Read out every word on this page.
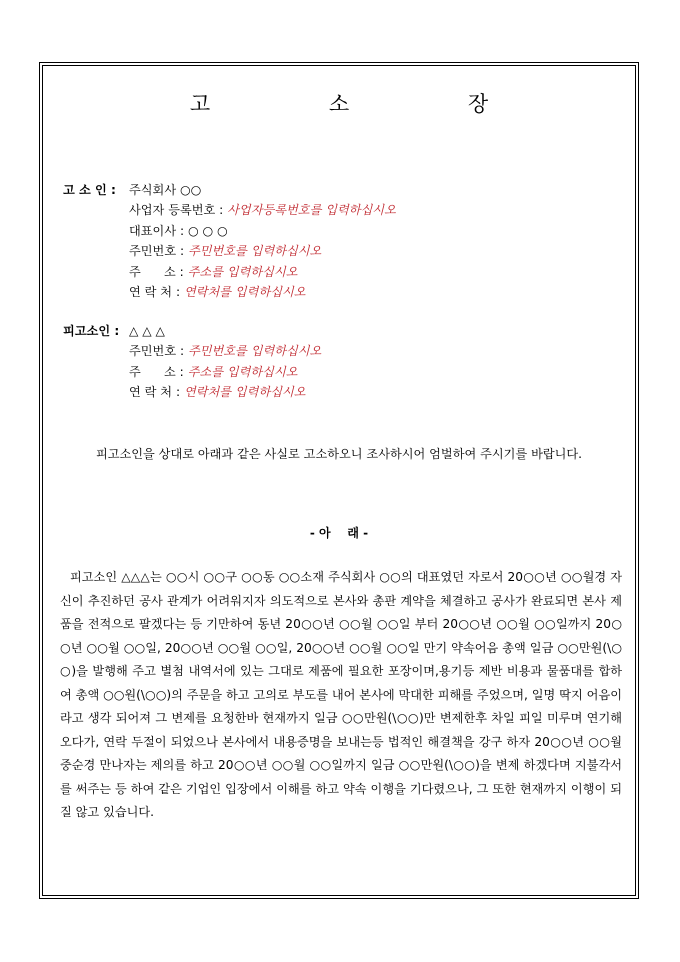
고 소 장
고 소 인 : 주식회사 ○○
사업자 등록번호 : 사업자등록번호를 입력하십시오
대표이사 : ○ ○ ○
주민번호 : 주민번호를 입력하십시오
주      소 : 주소를 입력하십시오
연 락 처 : 연락처를 입력하십시오
피고소인 : △ △ △
주민번호 : 주민번호를 입력하십시오
주      소 : 주소를 입력하십시오
연 락 처 : 연락처를 입력하십시오
피고소인을 상대로 아래과 같은 사실로 고소하오니 조사하시어 엄벌하여 주시기를 바랍니다.
- 아    래 -

피고소인 △△△는 ○○시 ○○구 ○○동 ○○소재 주식회사 ○○의 대표였던 자로서 20○○년 ○○월경 자신이 추진하던 공사 관계가 어려워지자 의도적으로 본사와 총판 계약을 체결하고 공사가 완료되면 본사 제품을 전적으로 팔겠다는 등 기만하여 동년 20○○년 ○○월 ○○일 부터 20○○년 ○○월 ○○일까지 20○○년 ○○월 ○○일, 20○○년 ○○월 ○○일, 20○○년 ○○월 ○○일 만기 약속어음 총액 일금 ○○만원(\○○)을 발행해 주고 별첨 내역서에 있는 그대로 제품에 필요한 포장이며,용기등 제반 비용과 물품대를 합하여 총액 ○○원(\○○)의 주문을 하고 고의로 부도를 내어 본사에 막대한 피해를 주었으며, 일명 딱지 어음이라고 생각 되어져 그 변제를 요청한바 현재까지 일금 ○○만원(\○○)만 변제한후 차일 피일 미루며 연기해 오다가, 연락 두절이 되었으나 본사에서 내용증명을 보내는등 법적인 해결책을 강구 하자 20○○년 ○○월 중순경 만나자는 제의를 하고 20○○년 ○○월 ○○일까지 일금 ○○만원(\○○)을 변제 하겠다며 지불각서를 써주는 등 하여 같은 기업인 입장에서 이해를 하고 약속 이행을 기다렸으나, 그 또한 현재까지 이행이 되질 않고 있습니다.
